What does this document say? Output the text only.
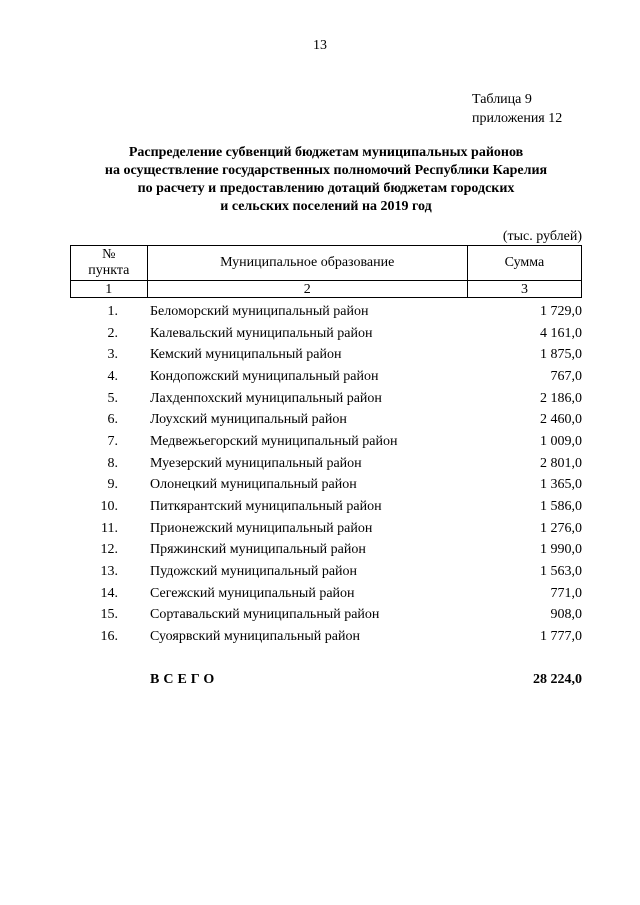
13
Таблица 9
приложения 12
Распределение субвенций бюджетам муниципальных районов
на осуществление государственных полномочий Республики Карелия
по расчету и предоставлению дотаций бюджетам городских
и сельских поселений на 2019 год
(тыс. рублей)
№
пункта	Муниципальное образование	Сумма
1	2	3
1. Беломорский муниципальный район	1 729,0
2. Калевальский муниципальный район	4 161,0
3. Кемский муниципальный район	1 875,0
4. Кондопожский муниципальный район	767,0
5. Лахденпохский муниципальный район	2 186,0
6. Лоухский муниципальный район	2 460,0
7. Медвежьегорский муниципальный район	1 009,0
8. Муезерский муниципальный район	2 801,0
9. Олонецкий муниципальный район	1 365,0
10. Питкярантский муниципальный район	1 586,0
11. Прионежский муниципальный район	1 276,0
12. Пряжинский муниципальный район	1 990,0
13. Пудожский муниципальный район	1 563,0
14. Сегежский муниципальный район	771,0
15. Сортавальский муниципальный район	908,0
16. Суоярвский муниципальный район	1 777,0
ВСЕГО	28 224,0
